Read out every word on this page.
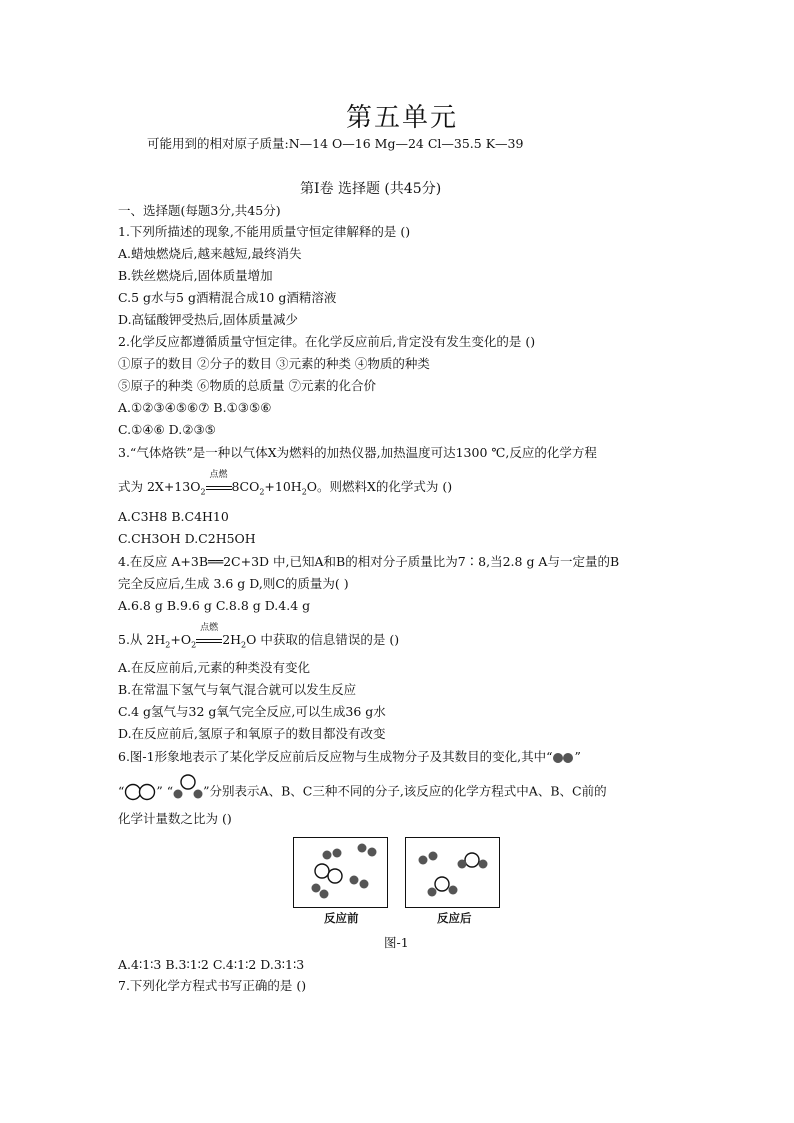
第五单元
可能用到的相对原子质量:N—14 O—16 Mg—24 Cl—35.5 K—39
第Ⅰ卷 选择题 (共45分)
一、选择题(每题3分,共45分)
1.下列所描述的现象,不能用质量守恒定律解释的是 ()
A.蜡烛燃烧后,越来越短,最终消失
B.铁丝燃烧后,固体质量增加
C.5 g水与5 g酒精混合成10 g酒精溶液
D.高锰酸钾受热后,固体质量减少
2.化学反应都遵循质量守恒定律。在化学反应前后,肯定没有发生变化的是 ()
①原子的数目 ②分子的数目 ③元素的种类 ④物质的种类
⑤原子的种类 ⑥物质的总质量 ⑦元素的化合价
A.①②③④⑤⑥⑦ B.①③⑤⑥
C.①④⑥ D.②③⑤
3.“气体烙铁”是一种以气体X为燃料的加热仪器,加热温度可达1300 ℃,反应的化学方程
式为 $2X+13O_2$
点燃
$8CO_2+10H_2O$。则燃料X的化学式为 ()
A.C3H8 B.C4H10
C.CH3OH D.C2H5OH
4.在反应 A+3B══2C+3D 中,已知A和B的相对分子质量比为7∶8,当2.8 g A与一定量的B
完全反应后,生成 3.6 g D,则C的质量为( )
A.6.8 g B.9.6 g C.8.8 g D.4.4 g
5.从 $2H_2+O_2$
点燃
$2H_2O$ 中获取的信息错误的是 ()
A.在反应前后,元素的种类没有变化
B.在常温下氢气与氧气混合就可以发生反应
C.4 g氢气与32 g氧气完全反应,可以生成36 g水
D.在反应前后,氢原子和氧原子的数目都没有改变
6.图-1形象地表示了某化学反应前后反应物与生成物分子及其数目的变化,其中“ ”
“	” “ ”分别表示A、B、C三种不同的分子,该反应的化学方程式中A、B、C前的
化学计量数之比为 ()
反应前	反应后
图-1
A.4∶1∶3 B.3∶1∶2 C.4∶1∶2 D.3∶1∶3
7.下列化学方程式书写正确的是 ()
